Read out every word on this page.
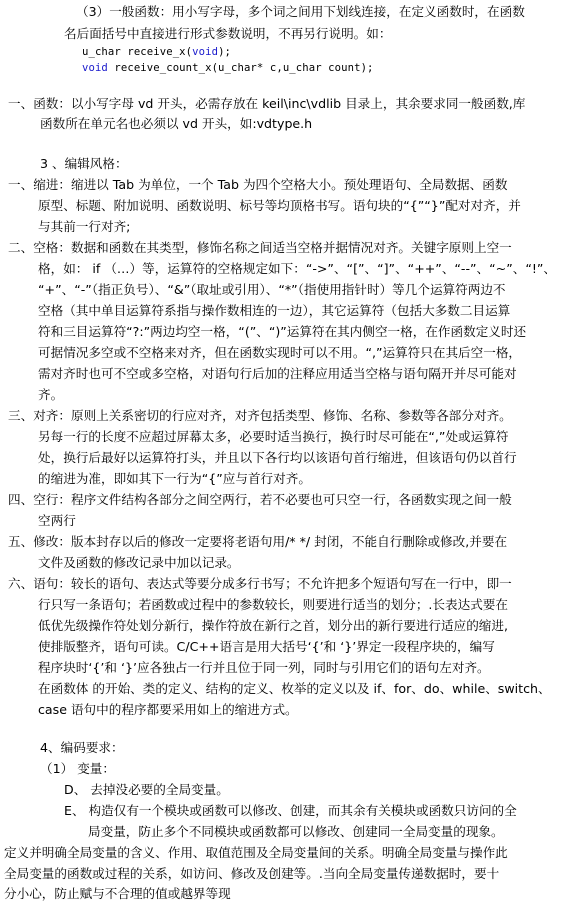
（3）一般函数：用小写字母，多个词之间用下划线连接，在定义函数时，在函数
名后面括号中直接进行形式参数说明，不再另行说明。如：
u_char receive_x(void);
void receive_count_x(u_char* c,u_char count);
一、函数：以小写字母 vd 开头，必需存放在 keil\inc\vdlib 目录上，其余要求同一般函数,库
函数所在单元名也必须以 vd 开头，如:vdtype.h
3 、编辑风格：
一、缩进：缩进以 Tab 为单位，一个 Tab 为四个空格大小。预处理语句、全局数据、函数
原型、标题、附加说明、函数说明、标号等均顶格书写。语句块的“{”“}”配对对齐，并
与其前一行对齐;
二、空格：数据和函数在其类型，修饰名称之间适当空格并据情况对齐。关键字原则上空一
格，如： if （…）等，运算符的空格规定如下：“->”、“[”、“]”、“++”、“--”、“~”、“!”、
“+”、“-”（指正负号）、“&”（取址或引用）、“*”（指使用指针时）等几个运算符两边不
空格（其中单目运算符系指与操作数相连的一边），其它运算符（包括大多数二目运算
符和三目运算符“?:”两边均空一格，“(”、“)”运算符在其内侧空一格，在作函数定义时还
可据情况多空或不空格来对齐，但在函数实现时可以不用。“,”运算符只在其后空一格，
需对齐时也可不空或多空格，对语句行后加的注释应用适当空格与语句隔开并尽可能对
齐。
三、对齐：原则上关系密切的行应对齐，对齐包括类型、修饰、名称、参数等各部分对齐。
另每一行的长度不应超过屏幕太多，必要时适当换行，换行时尽可能在“,”处或运算符
处，换行后最好以运算符打头，并且以下各行均以该语句首行缩进，但该语句仍以首行
的缩进为准，即如其下一行为“{”应与首行对齐。
四、空行：程序文件结构各部分之间空两行，若不必要也可只空一行，各函数实现之间一般
空两行
五、修改：版本封存以后的修改一定要将老语句用/* */ 封闭，不能自行删除或修改,并要在
文件及函数的修改记录中加以记录。
六、语句：较长的语句、表达式等要分成多行书写；不允许把多个短语句写在一行中，即一
行只写一条语句；若函数或过程中的参数较长，则要进行适当的划分；.长表达式要在
低优先级操作符处划分新行，操作符放在新行之首，划分出的新行要进行适应的缩进,
使排版整齐，语句可读。C/C++语言是用大括号‘{’和 ‘}’界定一段程序块的，编写
程序块时‘{’和 ‘}’应各独占一行并且位于同一列，同时与引用它们的语句左对齐。
在函数体 的开始、类的定义、结构的定义、枚举的定义以及 if、for、do、while、switch、
case 语句中的程序都要采用如上的缩进方式。
4、编码要求：
（1） 变量：
D、 去掉没必要的全局变量。
E、 构造仅有一个模块或函数可以修改、创建，而其余有关模块或函数只访问的全
局变量，防止多个不同模块或函数都可以修改、创建同一全局变量的现象。
定义并明确全局变量的含义、作用、取值范围及全局变量间的关系。明确全局变量与操作此
全局变量的函数或过程的关系，如访问、修改及创建等。.当向全局变量传递数据时，要十
分小心，防止赋与不合理的值或越界等现
